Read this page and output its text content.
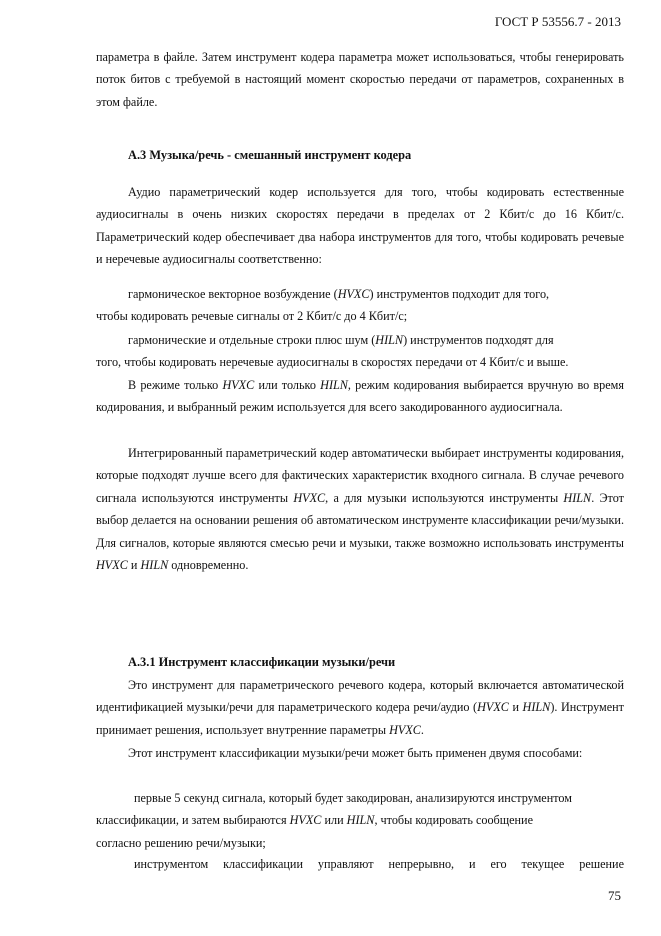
ГОСТ Р 53556.7 - 2013

параметра в файле. Затем инструмент кодера параметра может использоваться, чтобы генерировать поток битов с требуемой в настоящий момент скоростью передачи от параметров, сохраненных в этом файле.

А.3 Музыка/речь - смешанный инструмент кодера

Аудио параметрический кодер используется для того, чтобы кодировать естественные аудиосигналы в очень низких скоростях передачи в пределах от 2 Кбит/с до 16 Кбит/с. Параметрический кодер обеспечивает два набора инструментов для того, чтобы кодировать речевые и неречевые аудиосигналы соответственно:

гармоническое векторное возбуждение (HVXC) инструментов подходит для того,
чтобы кодировать речевые сигналы от 2 Кбит/с до 4 Кбит/с;

гармонические и отдельные строки плюс шум (HILN) инструментов подходят для
того, чтобы кодировать неречевые аудиосигналы в скоростях передачи от 4 Кбит/с и выше.

В режиме только HVXC или только HILN, режим кодирования выбирается вручную во время кодирования, и выбранный режим используется для всего закодированного аудиосигнала.

Интегрированный параметрический кодер автоматически выбирает инструменты кодирования, которые подходят лучше всего для фактических характеристик входного сигнала. В случае речевого сигнала используются инструменты HVXC, а для музыки используются инструменты HILN. Этот выбор делается на основании решения об автоматическом инструменте классификации речи/музыки. Для сигналов, которые являются смесью речи и музыки, также возможно использовать инструменты HVXC и HILN одновременно.

А.3.1 Инструмент классификации музыки/речи

Это инструмент для параметрического речевого кодера, который включается автоматической идентификацией музыки/речи для параметрического кодера речи/аудио (HVXC и HILN). Инструмент принимает решения, использует внутренние параметры HVXC.

Этот инструмент классификации музыки/речи может быть применен двумя способами:

первые 5 секунд сигнала, который будет закодирован, анализируются инструментом
классификации, и затем выбираются HVXC или HILN, чтобы кодировать сообщение
согласно решению речи/музыки;

инструментом классификации управляют непрерывно, и его текущее решение

75
